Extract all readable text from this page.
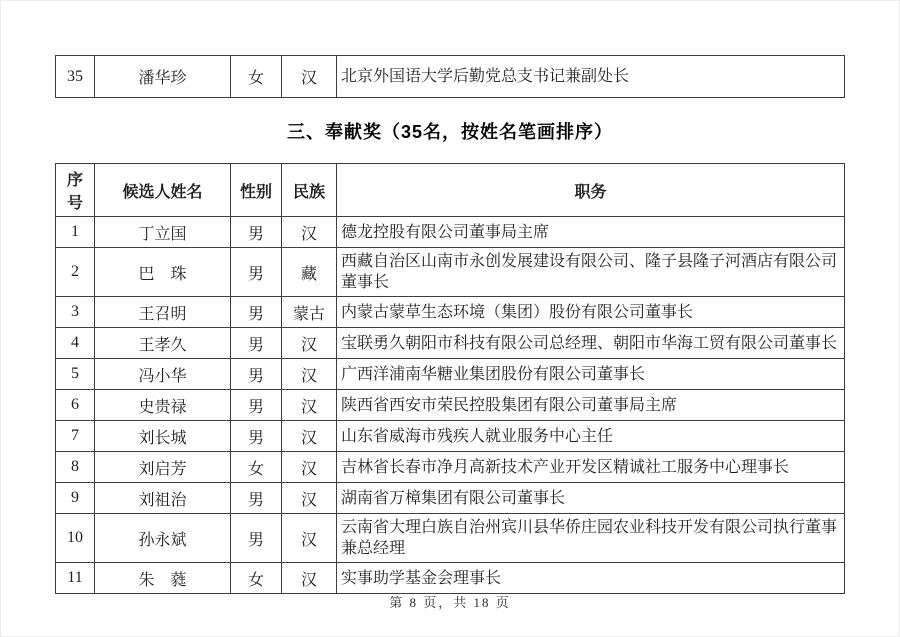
35	潘华珍	女	汉	北京外国语大学后勤党总支书记兼副处长
三、奉献奖（35名，按姓名笔画排序）
序号	候选人姓名	性别	民族	职务
1	丁立国	男	汉	德龙控股有限公司董事局主席
2	巴　珠	男	藏	西藏自治区山南市永创发展建设有限公司、隆子县隆子河酒店有限公司董事长
3	王召明	男	蒙古	内蒙古蒙草生态环境（集团）股份有限公司董事长
4	王孝久	男	汉	宝联勇久朝阳市科技有限公司总经理、朝阳市华海工贸有限公司董事长
5	冯小华	男	汉	广西洋浦南华糖业集团股份有限公司董事长
6	史贵禄	男	汉	陕西省西安市荣民控股集团有限公司董事局主席
7	刘长城	男	汉	山东省威海市残疾人就业服务中心主任
8	刘启芳	女	汉	吉林省长春市净月高新技术产业开发区精诚社工服务中心理事长
9	刘祖治	男	汉	湖南省万樟集团有限公司董事长
10	孙永斌	男	汉	云南省大理白族自治州宾川县华侨庄园农业科技开发有限公司执行董事兼总经理
11	朱　蕤	女	汉	实事助学基金会理事长
第 8 页，共 18 页
